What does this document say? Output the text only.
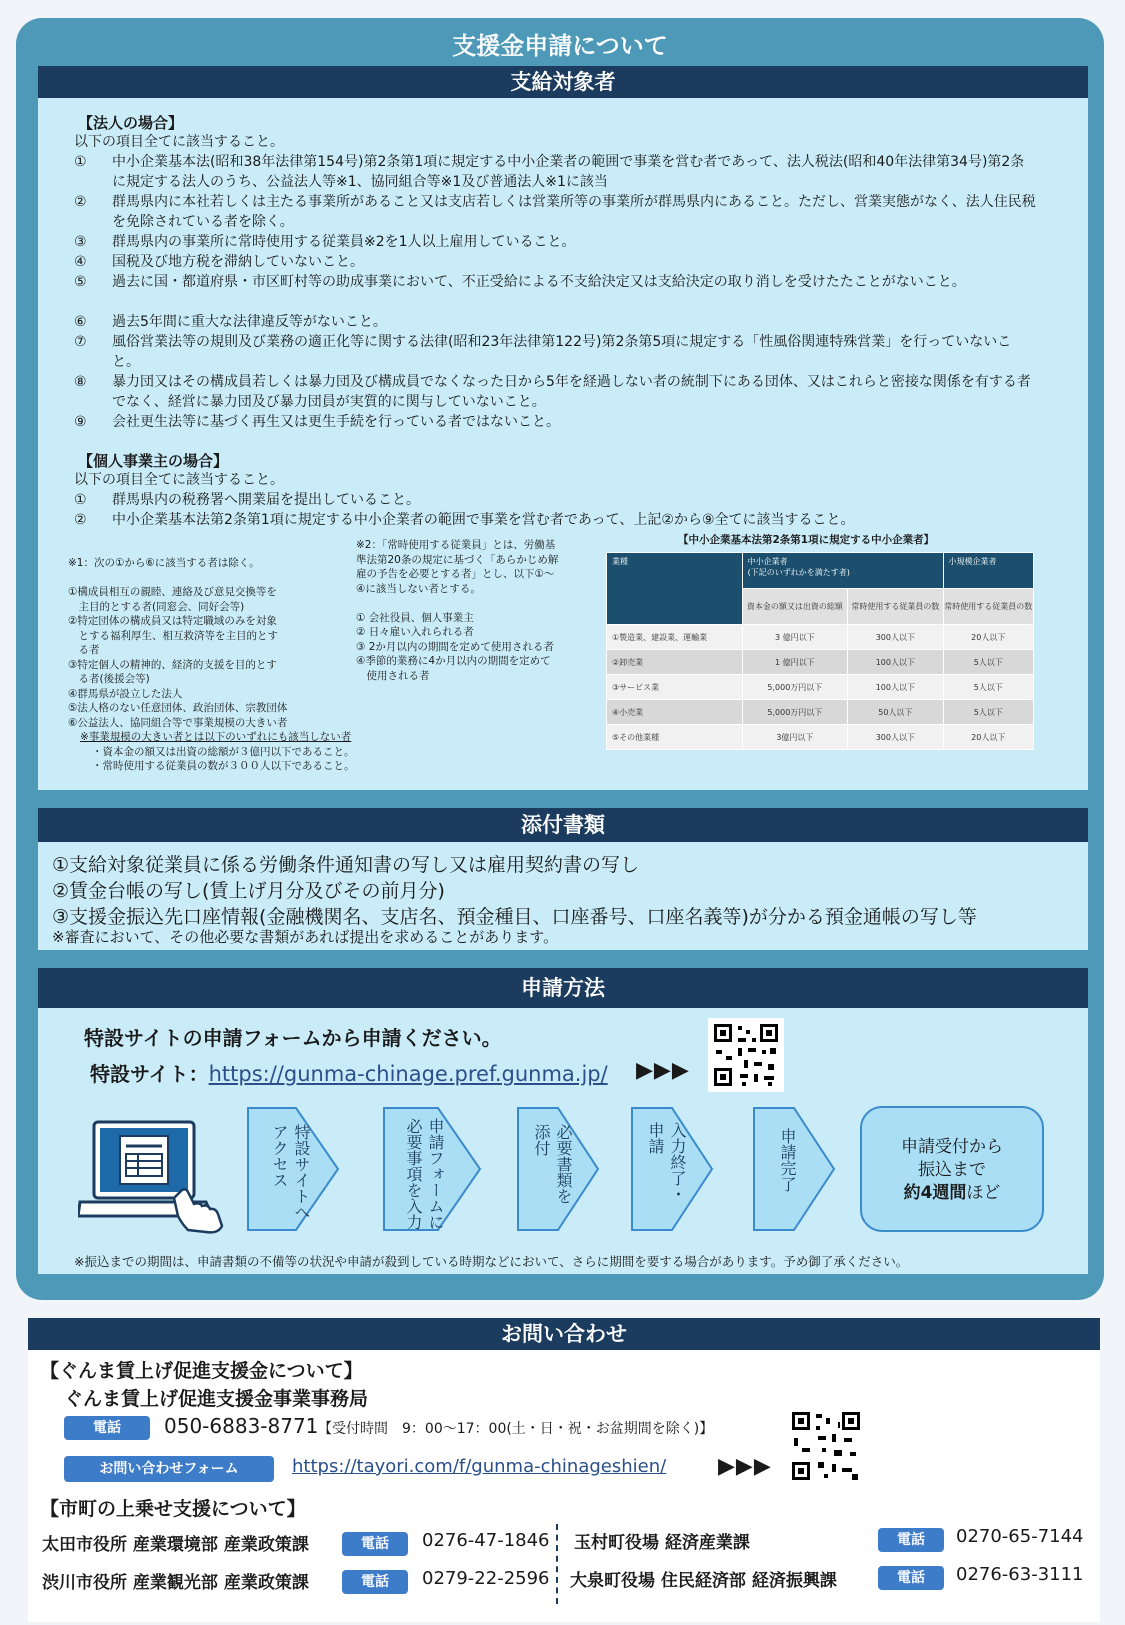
支援金申請について
支給対象者
【法人の場合】
以下の項目全てに該当すること。
①	中小企業基本法(昭和38年法律第154号)第2条第1項に規定する中小企業者の範囲で事業を営む者であって、法人税法(昭和40年法律第34号)第2条に規定する法人のうち、公益法人等※1、協同組合等※1及び普通法人※1に該当
②	群馬県内に本社若しくは主たる事業所があること又は支店若しくは営業所等の事業所が群馬県内にあること。ただし、営業実態がなく、法人住民税を免除されている者を除く。
③	群馬県内の事業所に常時使用する従業員※2を1人以上雇用していること。
④	国税及び地方税を滞納していないこと。
⑤	過去に国・都道府県・市区町村等の助成事業において、不正受給による不支給決定又は支給決定の取り消しを受けたたことがないこと。
⑥	過去5年間に重大な法律違反等がないこと。
⑦	風俗営業法等の規則及び業務の適正化等に関する法律(昭和23年法律第122号)第2条第5項に規定する「性風俗関連特殊営業」を行っていないこと。
⑧	暴力団又はその構成員若しくは暴力団及び構成員でなくなった日から5年を経過しない者の統制下にある団体、又はこれらと密接な関係を有する者でなく、経営に暴力団及び暴力団員が実質的に関与していないこと。
⑨	会社更生法等に基づく再生又は更生手続を行っている者ではないこと。
【個人事業主の場合】
以下の項目全てに該当すること。
①	群馬県内の税務署へ開業届を提出していること。
②	中小企業基本法第2条第1項に規定する中小企業者の範囲で事業を営む者であって、上記②から⑨全てに該当すること。
※1：次の①から⑥に該当する者は除く。

①構成員相互の親睦、連絡及び意見交換等を
　主目的とする者(同窓会、同好会等)
②特定団体の構成員又は特定職域のみを対象
　とする福利厚生、相互救済等を主目的とす
　る者
③特定個人の精神的、経済的支援を目的とす
　る者(後援会等)
④群馬県が設立した法人
⑤法人格のない任意団体、政治団体、宗教団体
⑥公益法人、協同組合等で事業規模の大きい者
※事業規模の大きい者とは以下のいずれにも該当しない者
・資本金の額又は出資の総額が３億円以下であること。
・常時使用する従業員の数が３００人以下であること。
※2：「常時使用する従業員」とは、労働基
準法第20条の規定に基づく「あらかじめ解
雇の予告を必要とする者」とし、以下①〜
④に該当しない者とする。

① 会社役員、個人事業主
② 日々雇い入れられる者
③ 2か月以内の期間を定めて使用される者
④季節的業務に4か月以内の期間を定めて
　使用される者
【中小企業基本法第2条第1項に規定する中小企業者】
業種	中小企業者
(下記のいずれかを満たす者)		小規模企業者
	資本金の額又は出資の総額	常時使用する従業員の数	常時使用する従業員の数
①製造業、建設業、運輸業	3 億円以下	300人以下	20人以下
②卸売業	1 億円以下	100人以下	5人以下
③サービス業	5,000万円以下	100人以下	5人以下
④小売業	5,000万円以下	50人以下	5人以下
⑤その他業種	3億円以下	300人以下	20人以下
添付書類
①支給対象従業員に係る労働条件通知書の写し又は雇用契約書の写し
②賃金台帳の写し(賃上げ月分及びその前月分)
③支援金振込先口座情報(金融機関名、支店名、預金種目、口座番号、口座名義等)が分かる預金通帳の写し等
※審査において、その他必要な書類があれば提出を求めることがあります。
申請方法
特設サイトの申請フォームから申請ください。
特設サイト：https://gunma-chinage.pref.gunma.jp/ ▶▶▶
特設サイトへ
アクセス	申請フォームに
必要事項を入力	必要書類を
添付	入力終了・
申請	申請完了	申請受付から
振込まで
約4週間ほど
※振込までの期間は、申請書類の不備等の状況や申請が殺到している時期などにおいて、さらに期間を要する場合があります。予め御了承ください。
お問い合わせ
【ぐんま賃上げ促進支援金について】
ぐんま賃上げ促進支援金事業事務局
電話	050-6883-8771 【受付時間　9：00〜17：00(土・日・祝・お盆期間を除く)】
お問い合わせフォーム	https://tayori.com/f/gunma-chinageshien/ ▶▶▶
【市町の上乗せ支援について】
太田市役所 産業環境部 産業政策課	電話	0276-47-1846
渋川市役所 産業観光部 産業政策課	電話	0279-22-2596
玉村町役場 経済産業課	電話	0270-65-7144
大泉町役場 住民経済部 経済振興課	電話	0276-63-3111
